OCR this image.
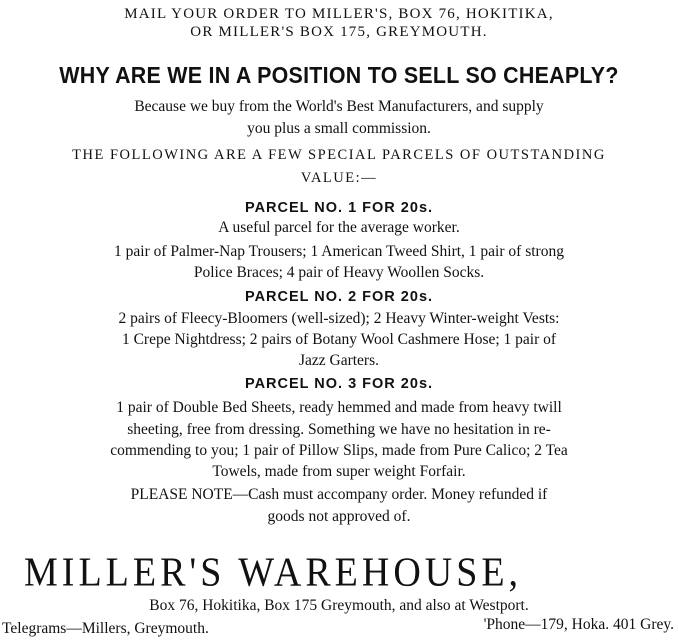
MAIL YOUR ORDER TO MILLER'S, BOX 76, HOKITIKA,
OR MILLER'S BOX 175, GREYMOUTH.
WHY ARE WE IN A POSITION TO SELL SO CHEAPLY?
Because we buy from the World's Best Manufacturers, and supply
you plus a small commission.
THE FOLLOWING ARE A FEW SPECIAL PARCELS OF OUTSTANDING
VALUE:—
PARCEL NO. 1 FOR 20s.
A useful parcel for the average worker.
1 pair of Palmer-Nap Trousers; 1 American Tweed Shirt, 1 pair of strong
Police Braces; 4 pair of Heavy Woollen Socks.
PARCEL NO. 2 FOR 20s.
2 pairs of Fleecy-Bloomers (well-sized); 2 Heavy Winter-weight Vests:
1 Crepe Nightdress; 2 pairs of Botany Wool Cashmere Hose; 1 pair of
Jazz Garters.
PARCEL NO. 3 FOR 20s.
1 pair of Double Bed Sheets, ready hemmed and made from heavy twill
sheeting, free from dressing. Something we have no hesitation in re-
commending to you; 1 pair of Pillow Slips, made from Pure Calico; 2 Tea
Towels, made from super weight Forfair.
PLEASE NOTE—Cash must accompany order. Money refunded if
goods not approved of.
MILLER'S WAREHOUSE,
Box 76, Hokitika, Box 175 Greymouth, and also at Westport.
Telegrams—Millers, Greymouth.	'Phone—179, Hoka. 401 Grey.
